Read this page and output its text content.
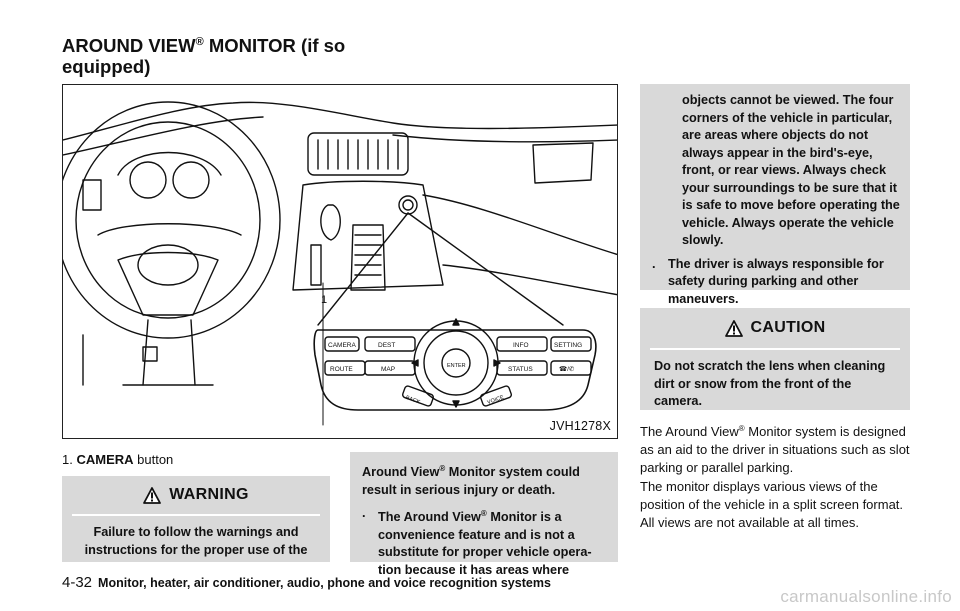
AROUND VIEW® MONITOR (if so
equipped)
1
CAMERA	DEST	INFO	SETTING
ROUTE	MAP	STATUS	☎/✆
ENTER
BACK	VOICE
JVH1278X
1. CAMERA button
WARNING

Failure to follow the warnings and instructions for the proper use of the

Around View® Monitor system could result in serious injury or death.

. The Around View® Monitor is a convenience feature and is not a substitute for proper vehicle opera-tion because it has areas where

objects cannot be viewed. The four corners of the vehicle in particular, are areas where objects do not always appear in the bird's-eye, front, or rear views. Always check your surroundings to be sure that it is safe to move before operating the vehicle. Always operate the vehicle slowly.

. The driver is always responsible for safety during parking and other maneuvers.
CAUTION

Do not scratch the lens when cleaning dirt or snow from the front of the camera.

The Around View® Monitor system is designed as an aid to the driver in situations such as slot parking or parallel parking.

The monitor displays various views of the position of the vehicle in a split screen format. All views are not available at all times.

4-32 Monitor, heater, air conditioner, audio, phone and voice recognition systems
carmanualsonline.info
